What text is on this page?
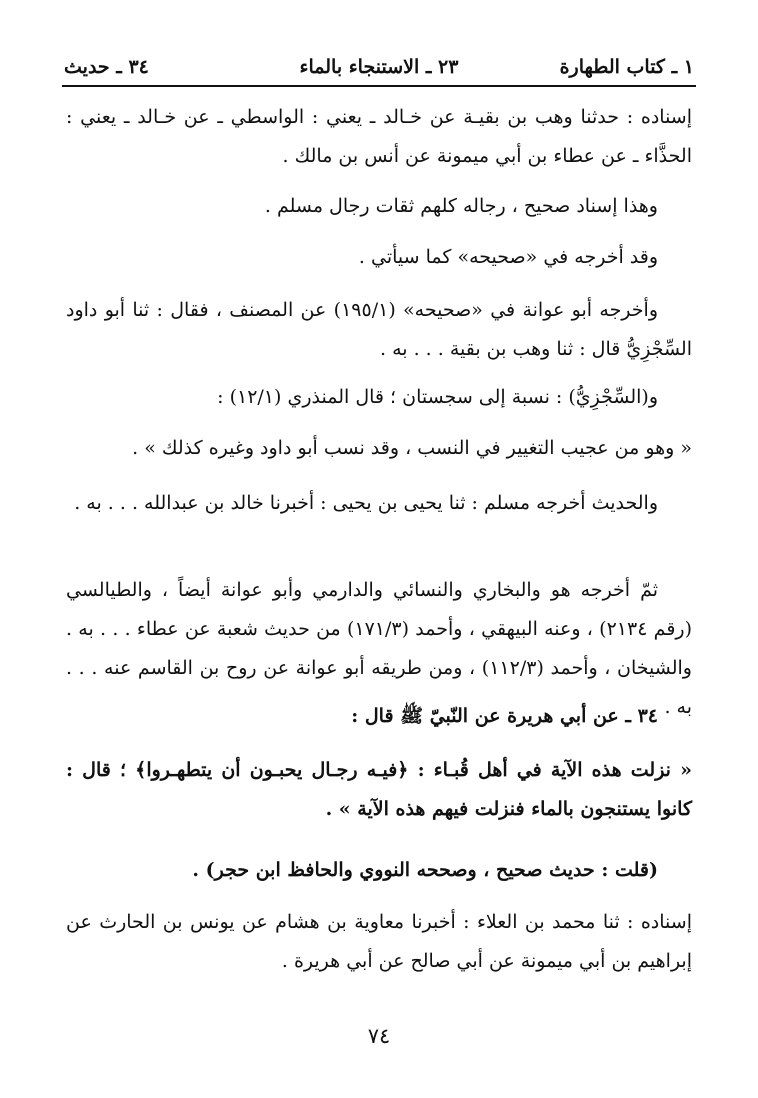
١ ـ كتاب الطهارة
٢٣ ـ الاستنجاء بالماء
٣٤ ـ حديث
إسناده : حدثنا وهب بن بقيـة عن خـالد ـ يعني : الواسطي ـ عن خـالد ـ يعني : الحذَّاء ـ عن عطاء بن أبي ميمونة عن أنس بن مالك .
وهذا إسناد صحيح ، رجاله كلهم ثقات رجال مسلم .
وقد أخرجه في «صحيحه» كما سيأتي .
وأخرجه أبو عوانة في «صحيحه» (١٩٥/١) عن المصنف ، فقال : ثنا أبو داود السِّجْزِيُّ قال : ثنا وهب بن بقية . . . به .
و(السِّجْزِيُّ) : نسبة إلى سجستان ؛ قال المنذري (١٢/١) :
« وهو من عجيب التغيير في النسب ، وقد نسب أبو داود وغيره كذلك » .
والحديث أخرجه مسلم : ثنا يحيى بن يحيى : أخبرنا خالد بن عبدالله . . . به .
ثمّ أخرجه هو والبخاري والنسائي والدارمي وأبو عوانة أيضاً ، والطيالسي (رقم ٢١٣٤) ، وعنه البيهقي ، وأحمد (١٧١/٣) من حديث شعبة عن عطاء . . . به . والشيخان ، وأحمد (١١٢/٣) ، ومن طريقه أبو عوانة عن روح بن القاسم عنه . . . به .
٣٤ ـ عن أبي هريرة عن النّبيّ ﷺ قال :
« نزلت هذه الآية في أهل قُبـاء : ﴿فيـه رجـال يحبـون أن يتطهـروا﴾ ؛ قال : كانوا يستنجون بالماء فنزلت فيهم هذه الآية » .
(قلت : حديث صحيح ، وصححه النووي والحافظ ابن حجر) .
إسناده : ثنا محمد بن العلاء : أخبرنا معاوية بن هشام عن يونس بن الحارث عن إبراهيم بن أبي ميمونة عن أبي صالح عن أبي هريرة .
٧٤
